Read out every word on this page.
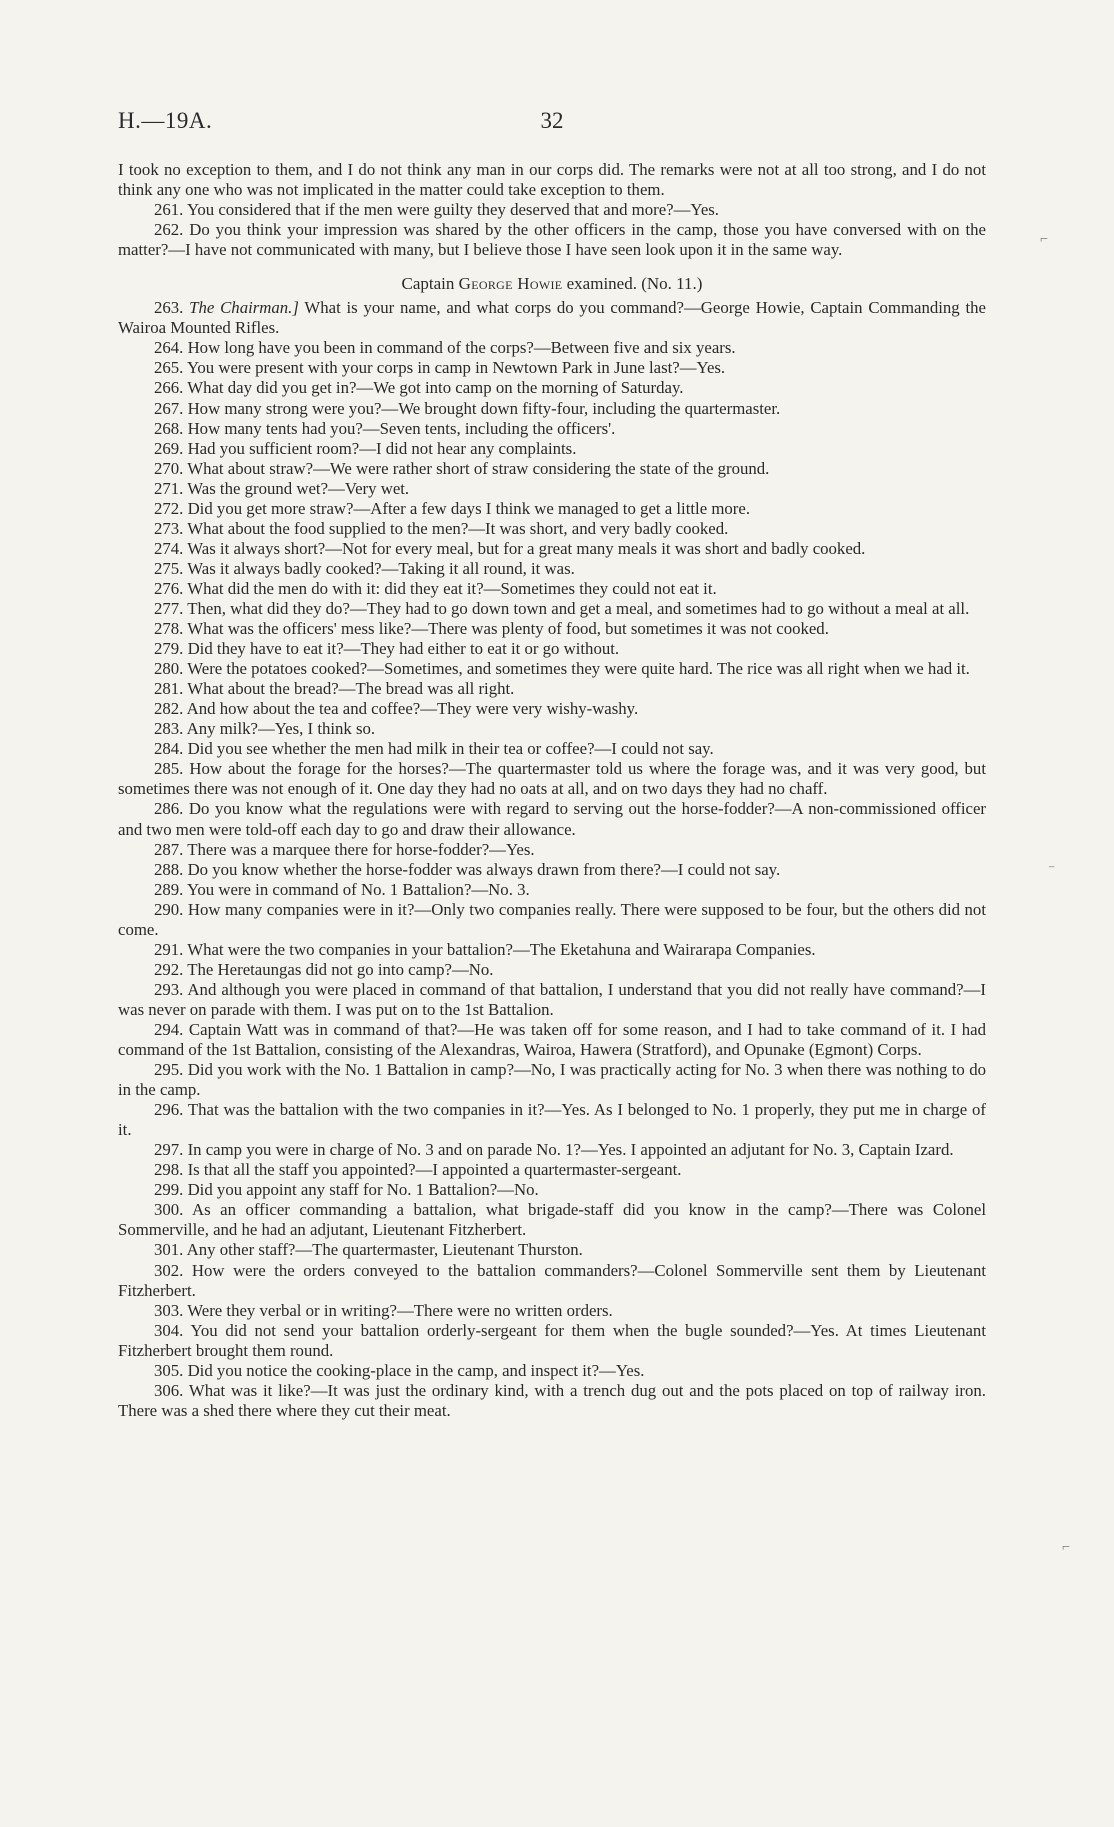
H.—19A.	32

I took no exception to them, and I do not think any man in our corps did. The remarks were not at all too strong, and I do not think any one who was not implicated in the matter could take exception to them.

261. You considered that if the men were guilty they deserved that and more?—Yes.

262. Do you think your impression was shared by the other officers in the camp, those you have conversed with on the matter?—I have not communicated with many, but I believe those I have seen look upon it in the same way.

Captain George Howie examined. (No. 11.)

263. The Chairman.] What is your name, and what corps do you command?—George Howie, Captain Commanding the Wairoa Mounted Rifles.

264. How long have you been in command of the corps?—Between five and six years.

265. You were present with your corps in camp in Newtown Park in June last?—Yes.

266. What day did you get in?—We got into camp on the morning of Saturday.

267. How many strong were you?—We brought down fifty-four, including the quartermaster.

268. How many tents had you?—Seven tents, including the officers'.

269. Had you sufficient room?—I did not hear any complaints.

270. What about straw?—We were rather short of straw considering the state of the ground.

271. Was the ground wet?—Very wet.

272. Did you get more straw?—After a few days I think we managed to get a little more.

273. What about the food supplied to the men?—It was short, and very badly cooked.

274. Was it always short?—Not for every meal, but for a great many meals it was short and badly cooked.

275. Was it always badly cooked?—Taking it all round, it was.

276. What did the men do with it: did they eat it?—Sometimes they could not eat it.

277. Then, what did they do?—They had to go down town and get a meal, and sometimes had to go without a meal at all.

278. What was the officers' mess like?—There was plenty of food, but sometimes it was not cooked.

279. Did they have to eat it?—They had either to eat it or go without.

280. Were the potatoes cooked?—Sometimes, and sometimes they were quite hard. The rice was all right when we had it.

281. What about the bread?—The bread was all right.

282. And how about the tea and coffee?—They were very wishy-washy.

283. Any milk?—Yes, I think so.

284. Did you see whether the men had milk in their tea or coffee?—I could not say.

285. How about the forage for the horses?—The quartermaster told us where the forage was, and it was very good, but sometimes there was not enough of it. One day they had no oats at all, and on two days they had no chaff.

286. Do you know what the regulations were with regard to serving out the horse-fodder?—A non-commissioned officer and two men were told-off each day to go and draw their allowance.

287. There was a marquee there for horse-fodder?—Yes.

288. Do you know whether the horse-fodder was always drawn from there?—I could not say.

289. You were in command of No. 1 Battalion?—No. 3.

290. How many companies were in it?—Only two companies really. There were supposed to be four, but the others did not come.

291. What were the two companies in your battalion?—The Eketahuna and Wairarapa Companies.

292. The Heretaungas did not go into camp?—No.

293. And although you were placed in command of that battalion, I understand that you did not really have command?—I was never on parade with them. I was put on to the 1st Battalion.

294. Captain Watt was in command of that?—He was taken off for some reason, and I had to take command of it. I had command of the 1st Battalion, consisting of the Alexandras, Wairoa, Hawera (Stratford), and Opunake (Egmont) Corps.

295. Did you work with the No. 1 Battalion in camp?—No, I was practically acting for No. 3 when there was nothing to do in the camp.

296. That was the battalion with the two companies in it?—Yes. As I belonged to No. 1 properly, they put me in charge of it.

297. In camp you were in charge of No. 3 and on parade No. 1?—Yes. I appointed an adjutant for No. 3, Captain Izard.

298. Is that all the staff you appointed?—I appointed a quartermaster-sergeant.

299. Did you appoint any staff for No. 1 Battalion?—No.

300. As an officer commanding a battalion, what brigade-staff did you know in the camp?—There was Colonel Sommerville, and he had an adjutant, Lieutenant Fitzherbert.

301. Any other staff?—The quartermaster, Lieutenant Thurston.

302. How were the orders conveyed to the battalion commanders?—Colonel Sommerville sent them by Lieutenant Fitzherbert.

303. Were they verbal or in writing?—There were no written orders.

304. You did not send your battalion orderly-sergeant for them when the bugle sounded?—Yes. At times Lieutenant Fitzherbert brought them round.

305. Did you notice the cooking-place in the camp, and inspect it?—Yes.

306. What was it like?—It was just the ordinary kind, with a trench dug out and the pots placed on top of railway iron. There was a shed there where they cut their meat.

⌐
⁻
⌐
